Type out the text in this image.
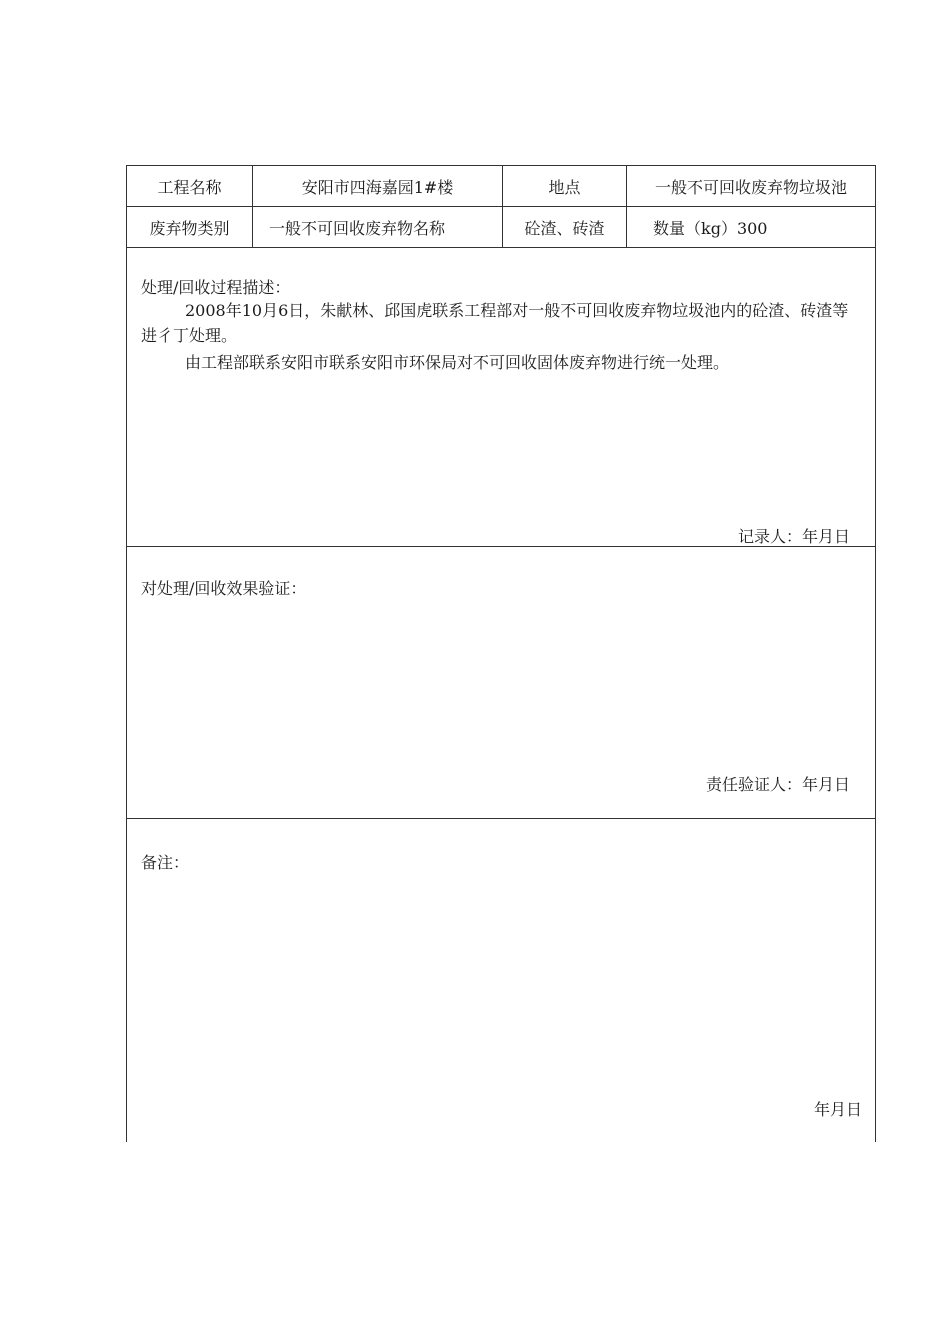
工程名称	安阳市四海嘉园1#楼	地点	一般不可回收废弃物垃圾池
废弃物类别	一般不可回收废弃物名称	砼渣、砖渣	数量（kg）300
处理/回收过程描述：
2008年10月6日，朱献林、邱国虎联系工程部对一般不可回收废弃物垃圾池内的砼渣、砖渣等进彳丁处理。
由工程部联系安阳市联系安阳市环保局对不可回收固体废弃物进行统一处理。
记录人：年月日
对处理/回收效果验证：
责任验证人：年月日
备注：
年月日
